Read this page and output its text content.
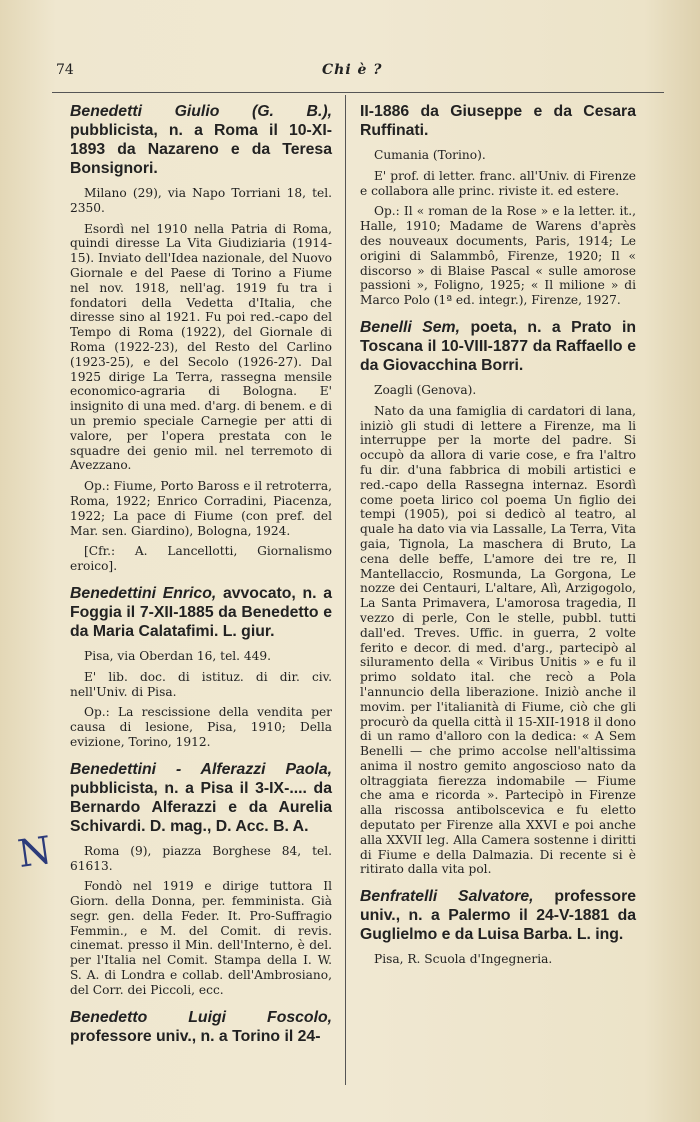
74	Chi è ?
N
Benedetti Giulio (G. B.), pubblicista, n. a Roma il 10-XI-1893 da Nazareno e da Teresa Bonsignori.
Milano (29), via Napo Torriani 18, tel. 2350.
Esordì nel 1910 nella Patria di Roma, quindi diresse La Vita Giudiziaria (1914-15). Inviato dell'Idea nazionale, del Nuovo Giornale e del Paese di Torino a Fiume nel nov. 1918, nell'ag. 1919 fu tra i fondatori della Vedetta d'Italia, che diresse sino al 1921. Fu poi red.-capo del Tempo di Roma (1922), del Giornale di Roma (1922-23), del Resto del Carlino (1923-25), e del Secolo (1926-27). Dal 1925 dirige La Terra, rassegna mensile economico-agraria di Bologna. E' insignito di una med. d'arg. di benem. e di un premio speciale Carnegie per atti di valore, per l'opera prestata con le squadre dei genio mil. nel terremoto di Avezzano.
Op.: Fiume, Porto Baross e il retroterra, Roma, 1922; Enrico Corradini, Piacenza, 1922; La pace di Fiume (con pref. del Mar. sen. Giardino), Bologna, 1924.
[Cfr.: A. Lancellotti, Giornalismo eroico].
Benedettini Enrico, avvocato, n. a Foggia il 7-XII-1885 da Benedetto e da Maria Calatafimi. L. giur.
Pisa, via Oberdan 16, tel. 449.
E' lib. doc. di istituz. di dir. civ. nell'Univ. di Pisa.
Op.: La rescissione della vendita per causa di lesione, Pisa, 1910; Della evizione, Torino, 1912.
Benedettini - Alferazzi Paola, pubblicista, n. a Pisa il 3-IX-.... da Bernardo Alferazzi e da Aurelia Schivardi. D. mag., D. Acc. B. A.
Roma (9), piazza Borghese 84, tel. 61613.
Fondò nel 1919 e dirige tuttora Il Giorn. della Donna, per. femminista. Già segr. gen. della Feder. It. Pro-Suffragio Femmin., e M. del Comit. di revis. cinemat. presso il Min. dell'Interno, è del. per l'Italia nel Comit. Stampa della I. W. S. A. di Londra e collab. dell'Ambrosiano, del Corr. dei Piccoli, ecc.
Benedetto Luigi Foscolo, professore univ., n. a Torino il 24-
II-1886 da Giuseppe e da Cesara Ruffinati.
Cumania (Torino).
E' prof. di letter. franc. all'Univ. di Firenze e collabora alle princ. riviste it. ed estere.
Op.: Il « roman de la Rose » e la letter. it., Halle, 1910; Madame de Warens d'après des nouveaux documents, Paris, 1914; Le origini di Salammbô, Firenze, 1920; Il « discorso » di Blaise Pascal « sulle amorose passioni », Foligno, 1925; « Il milione » di Marco Polo (1ª ed. integr.), Firenze, 1927.
Benelli Sem, poeta, n. a Prato in Toscana il 10-VIII-1877 da Raffaello e da Giovacchina Borri.
Zoagli (Genova).
Nato da una famiglia di cardatori di lana, iniziò gli studi di lettere a Firenze, ma li interruppe per la morte del padre. Si occupò da allora di varie cose, e fra l'altro fu dir. d'una fabbrica di mobili artistici e red.-capo della Rassegna internaz. Esordì come poeta lirico col poema Un figlio dei tempi (1905), poi si dedicò al teatro, al quale ha dato via via Lassalle, La Terra, Vita gaia, Tignola, La maschera di Bruto, La cena delle beffe, L'amore dei tre re, Il Mantellaccio, Rosmunda, La Gorgona, Le nozze dei Centauri, L'altare, Alì, Arzigogolo, La Santa Primavera, L'amorosa tragedia, Il vezzo di perle, Con le stelle, pubbl. tutti dall'ed. Treves. Uffic. in guerra, 2 volte ferito e decor. di med. d'arg., partecipò al siluramento della « Viribus Unitis » e fu il primo soldato ital. che recò a Pola l'annuncio della liberazione. Iniziò anche il movim. per l'italianità di Fiume, ciò che gli procurò da quella città il 15-XII-1918 il dono di un ramo d'alloro con la dedica: « A Sem Benelli — che primo accolse nell'altissima anima il nostro gemito angoscioso nato da oltraggiata fierezza indomabile — Fiume che ama e ricorda ». Partecipò in Firenze alla riscossa antibolscevica e fu eletto deputato per Firenze alla XXVI e poi anche alla XXVII leg. Alla Camera sostenne i diritti di Fiume e della Dalmazia. Di recente si è ritirato dalla vita pol.
Benfratelli Salvatore, professore univ., n. a Palermo il 24-V-1881 da Guglielmo e da Luisa Barba. L. ing.
Pisa, R. Scuola d'Ingegneria.
